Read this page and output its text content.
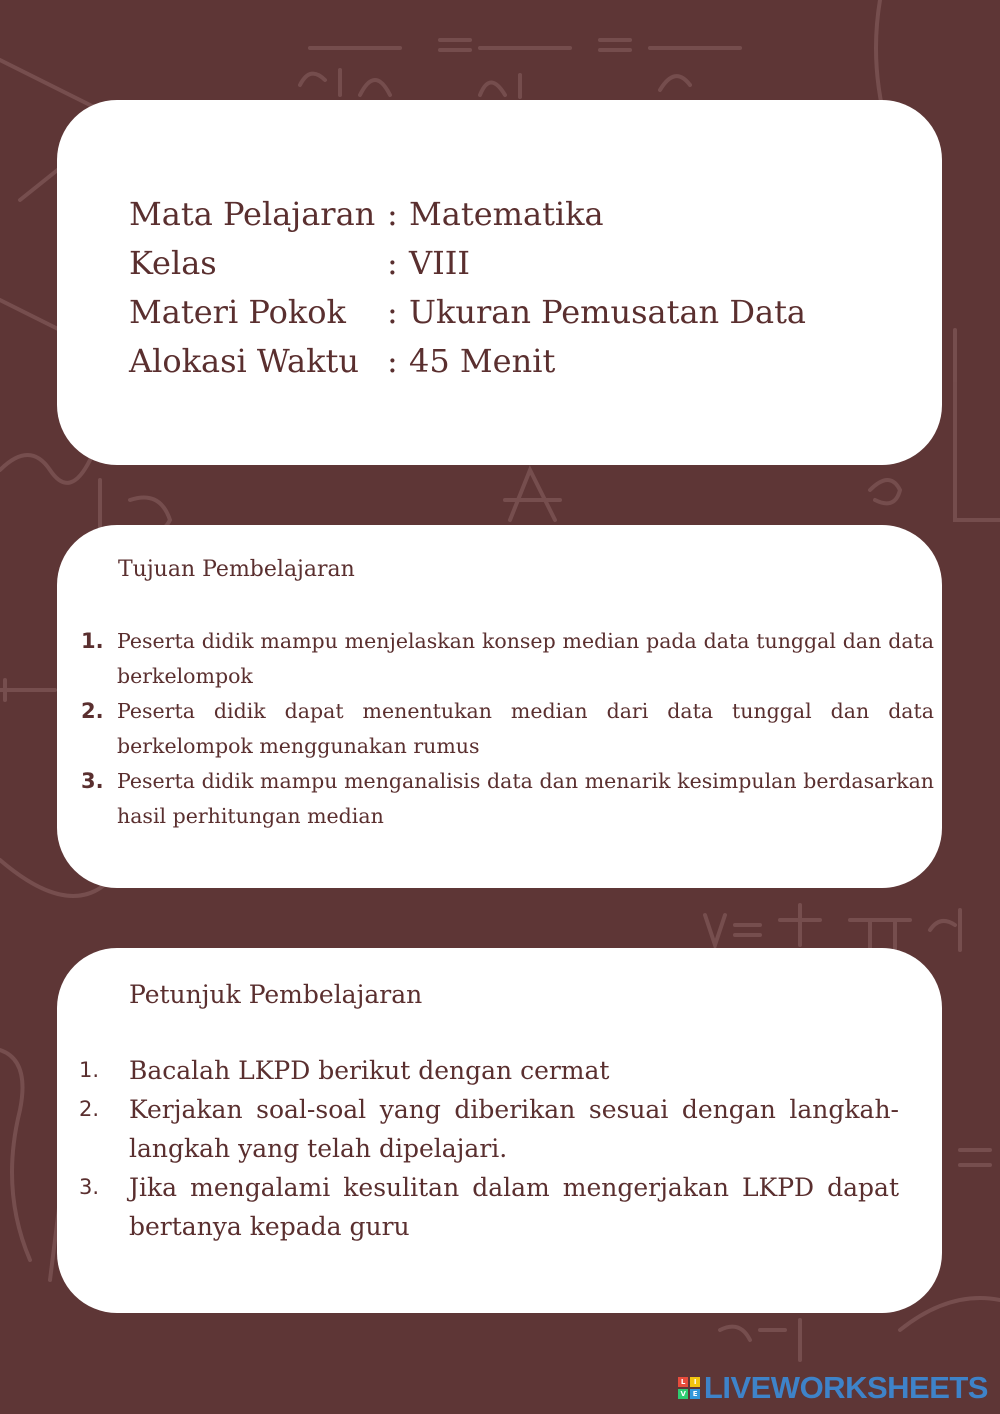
Mata Pelajaran	:	Matematika
Kelas	:	VIII
Materi Pokok	:	Ukuran Pemusatan Data
Alokasi Waktu	:	45 Menit
Tujuan Pembelajaran
1. Peserta didik mampu menjelaskan konsep median pada data tunggal dan data berkelompok
2. Peserta didik dapat menentukan median dari data tunggal dan data berkelompok menggunakan rumus
3. Peserta didik mampu menganalisis data dan menarik kesimpulan berdasarkan hasil perhitungan median
Petunjuk Pembelajaran
1.	Bacalah LKPD berikut dengan cermat
2.	Kerjakan soal-soal yang diberikan sesuai dengan langkah-langkah yang telah dipelajari.
3.	Jika mengalami kesulitan dalam mengerjakan LKPD dapat bertanya kepada guru
L	I
V	E LIVEWORKSHEETS
